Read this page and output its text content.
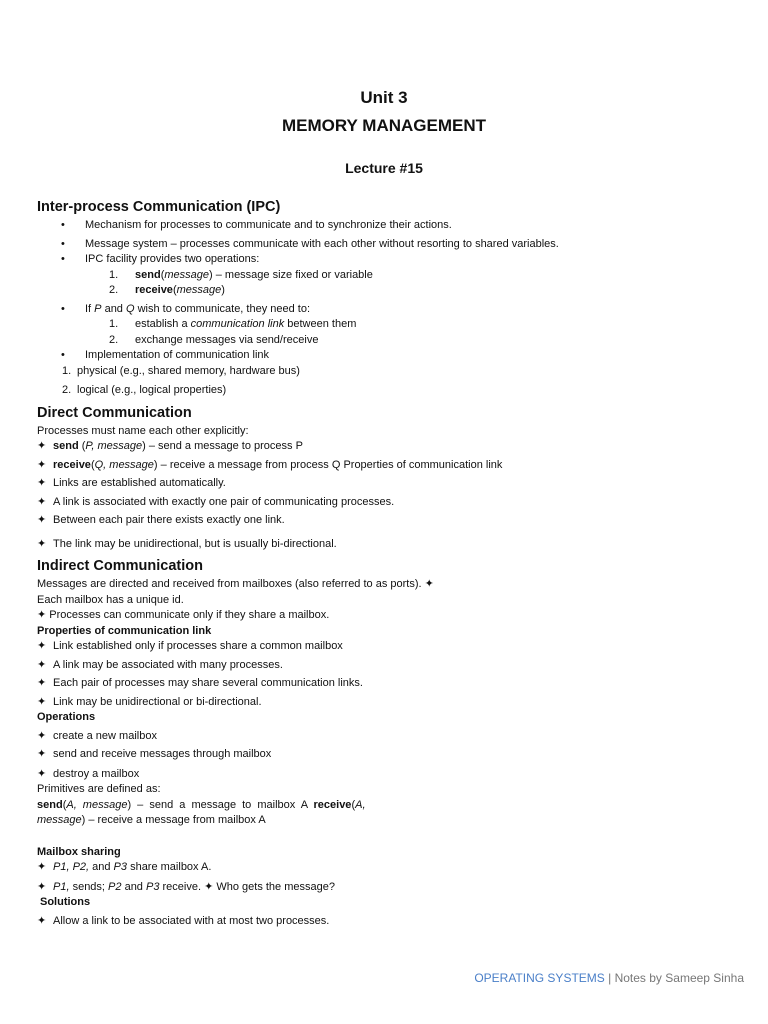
Unit 3
MEMORY MANAGEMENT
Lecture #15
Inter-process Communication (IPC)
• Mechanism for processes to communicate and to synchronize their actions.
• Message system – processes communicate with each other without resorting to shared variables.
• IPC facility provides two operations:
1. send(message) – message size fixed or variable
2. receive(message)
• If P and Q wish to communicate, they need to:
1. establish a communication link between them
2. exchange messages via send/receive
• Implementation of communication link
1. physical (e.g., shared memory, hardware bus)
2. logical (e.g., logical properties)
Direct Communication

Processes must name each other explicitly:

✦ send (P, message) – send a message to process P
✦ receive(Q, message) – receive a message from process Q Properties of communication link
✦ Links are established automatically.
✦ A link is associated with exactly one pair of communicating processes.
✦ Between each pair there exists exactly one link.
✦ The link may be unidirectional, but is usually bi-directional.
Indirect Communication

Messages are directed and received from mailboxes (also referred to as ports). ✦

Each mailbox has a unique id.

✦ Processes can communicate only if they share a mailbox.

Properties of communication link

✦ Link established only if processes share a common mailbox
✦ A link may be associated with many processes.
✦ Each pair of processes may share several communication links.
✦ Link may be unidirectional or bi-directional.

Operations

✦ create a new mailbox
✦ send and receive messages through mailbox
✦ destroy a mailbox

Primitives are defined as:

send(A, message) – send a message to mailbox A receive(A,

message) – receive a message from mailbox A

Mailbox sharing

✦ P1, P2, and P3 share mailbox A.
✦ P1, sends; P2 and P3 receive. ✦ Who gets the message?

Solutions

✦ Allow a link to be associated with at most two processes.
OPERATING SYSTEMS | Notes by Sameep Sinha
